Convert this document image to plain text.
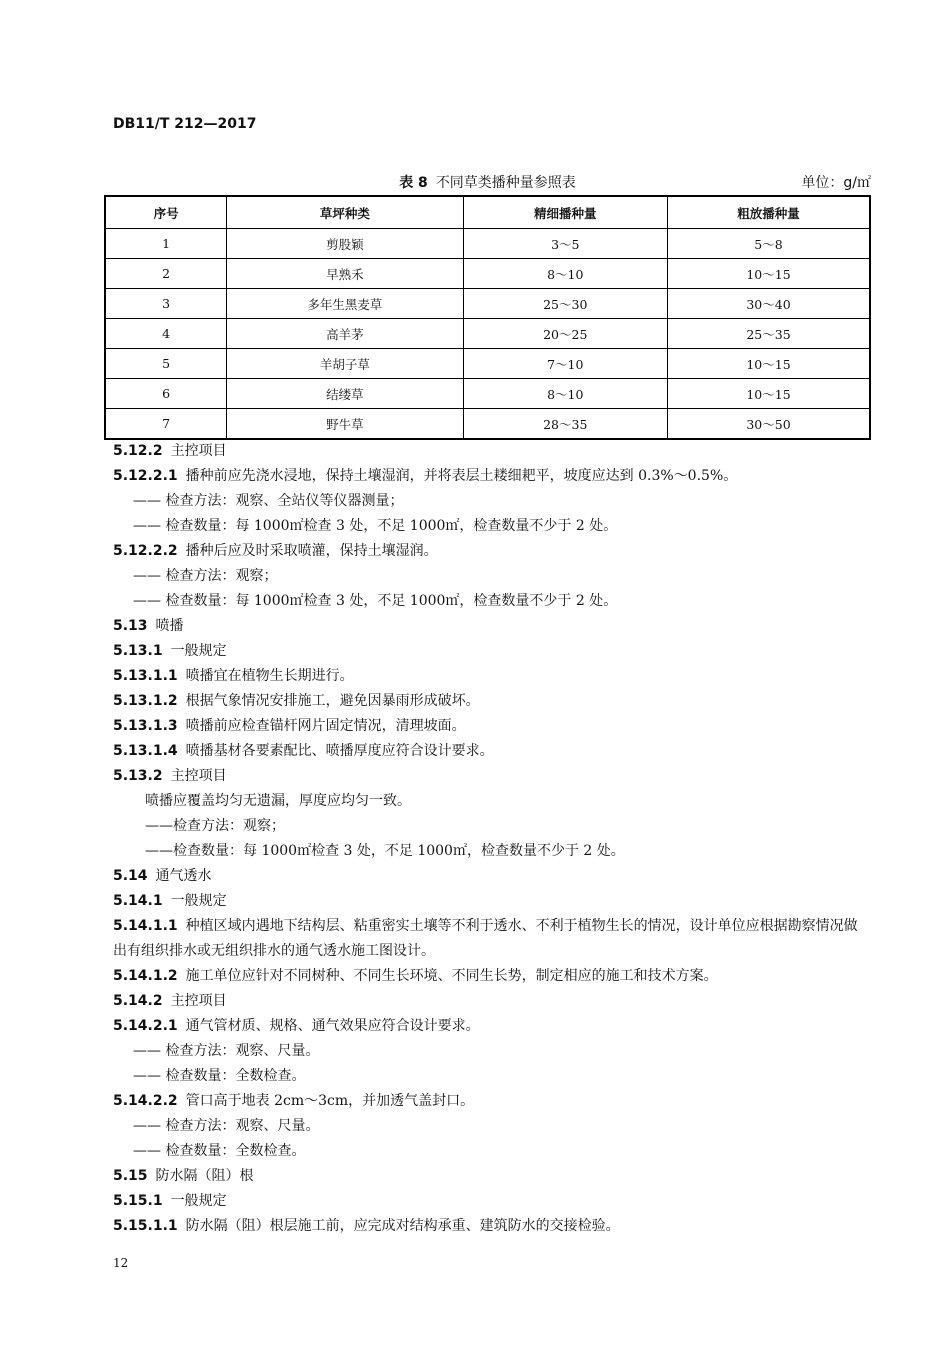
DB11/T 212—2017
表 8 不同草类播种量参照表	单位：g/㎡
序号	草坪种类	精细播种量	粗放播种量
1	剪股颖	3～5	5～8
2	早熟禾	8～10	10～15
3	多年生黑麦草	25～30	30～40
4	高羊茅	20～25	25～35
5	羊胡子草	7～10	10～15
6	结缕草	8～10	10～15
7	野牛草	28～35	30～50
5.12.2 主控项目
5.12.2.1 播种前应先浇水浸地，保持土壤湿润，并将表层土耧细耙平，坡度应达到 0.3%～0.5%。
—— 检查方法：观察、全站仪等仪器测量；
—— 检查数量：每 1000㎡检查 3 处，不足 1000㎡，检查数量不少于 2 处。
5.12.2.2 播种后应及时采取喷灌，保持土壤湿润。
—— 检查方法：观察；
—— 检查数量：每 1000㎡检查 3 处，不足 1000㎡，检查数量不少于 2 处。
5.13 喷播
5.13.1 一般规定
5.13.1.1 喷播宜在植物生长期进行。
5.13.1.2 根据气象情况安排施工，避免因暴雨形成破坏。
5.13.1.3 喷播前应检查锚杆网片固定情况，清理坡面。
5.13.1.4 喷播基材各要素配比、喷播厚度应符合设计要求。
5.13.2 主控项目
喷播应覆盖均匀无遗漏，厚度应均匀一致。
——检查方法：观察；
——检查数量：每 1000㎡检查 3 处，不足 1000㎡，检查数量不少于 2 处。
5.14 通气透水
5.14.1 一般规定
5.14.1.1 种植区域内遇地下结构层、粘重密实土壤等不利于透水、不利于植物生长的情况，设计单位应根据勘察情况做出有组织排水或无组织排水的通气透水施工图设计。
5.14.1.2 施工单位应针对不同树种、不同生长环境、不同生长势，制定相应的施工和技术方案。
5.14.2 主控项目
5.14.2.1 通气管材质、规格、通气效果应符合设计要求。
—— 检查方法：观察、尺量。
—— 检查数量：全数检查。
5.14.2.2 管口高于地表 2cm～3cm，并加透气盖封口。
—— 检查方法：观察、尺量。
—— 检查数量：全数检查。
5.15 防水隔（阻）根
5.15.1 一般规定
5.15.1.1 防水隔（阻）根层施工前，应完成对结构承重、建筑防水的交接检验。
12
